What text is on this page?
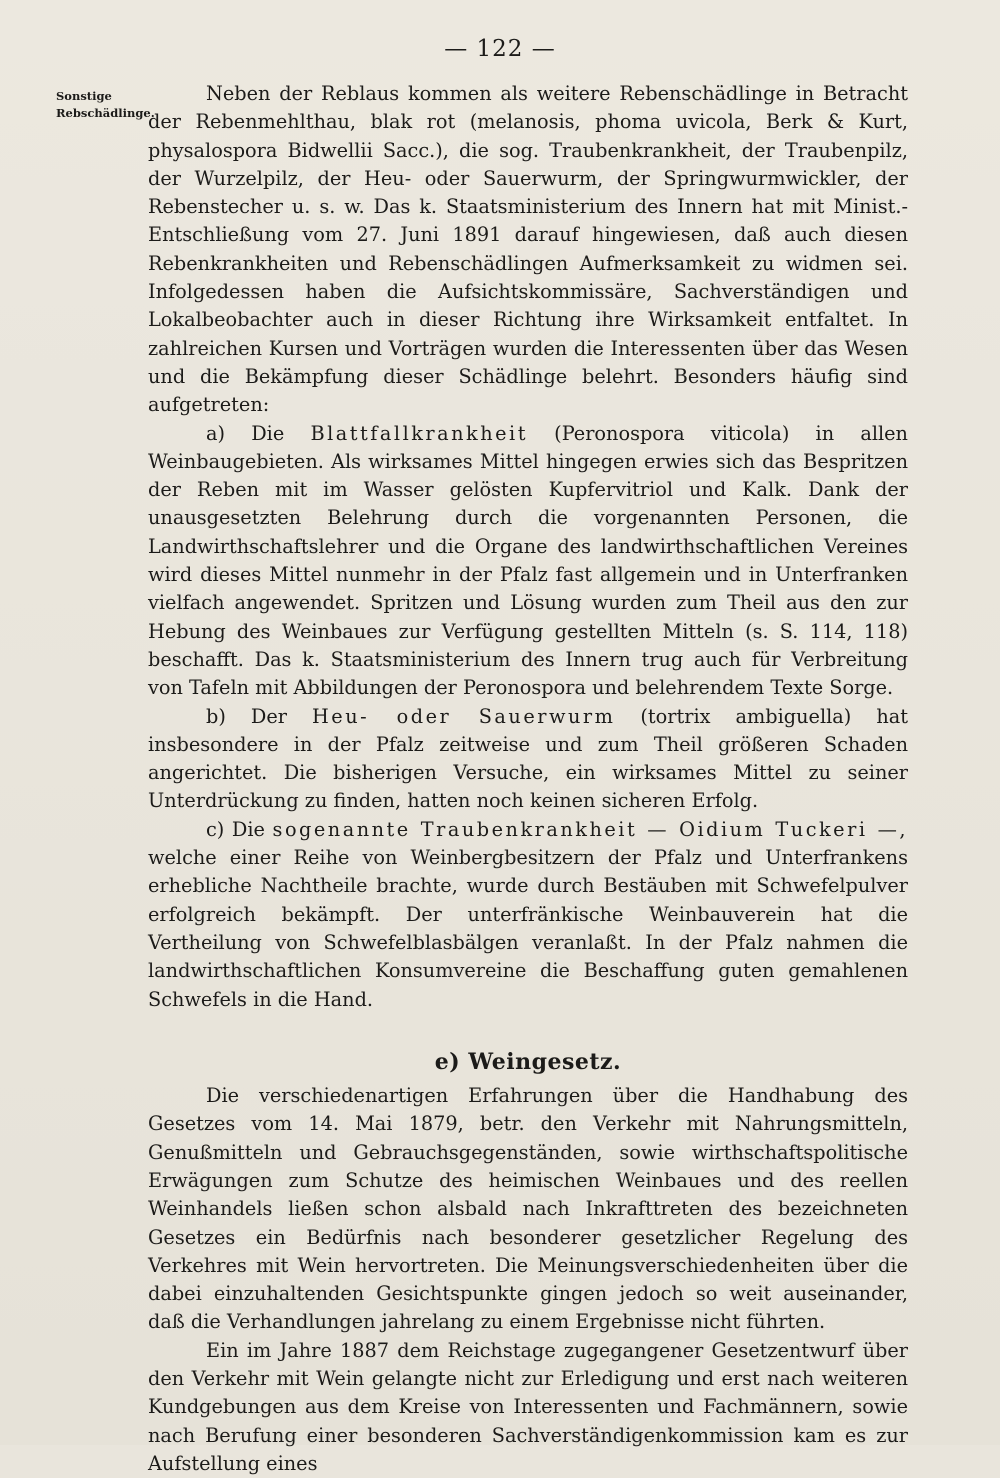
— 122 —
Sonstige
Rebschädlinge.

Neben der Reblaus kommen als weitere Rebenschädlinge in Betracht der Rebenmehlthau, blak rot (melanosis, phoma uvicola, Berk & Kurt, physalospora Bidwellii Sacc.), die sog. Traubenkrankheit, der Traubenpilz, der Wurzelpilz, der Heu- oder Sauerwurm, der Springwurmwickler, der Rebenstecher u. s. w. Das k. Staatsministerium des Innern hat mit Minist.-Entschließung vom 27. Juni 1891 darauf hingewiesen, daß auch diesen Rebenkrankheiten und Rebenschädlingen Aufmerksamkeit zu widmen sei. Infolgedessen haben die Aufsichtskommissäre, Sachverständigen und Lokalbeobachter auch in dieser Richtung ihre Wirksamkeit entfaltet. In zahlreichen Kursen und Vorträgen wurden die Interessenten über das Wesen und die Bekämpfung dieser Schädlinge belehrt. Besonders häufig sind aufgetreten:

a) Die Blattfallkrankheit (Peronospora viticola) in allen Weinbaugebieten. Als wirksames Mittel hingegen erwies sich das Bespritzen der Reben mit im Wasser gelösten Kupfervitriol und Kalk. Dank der unausgesetzten Belehrung durch die vorgenannten Personen, die Landwirthschaftslehrer und die Organe des landwirthschaftlichen Vereines wird dieses Mittel nunmehr in der Pfalz fast allgemein und in Unterfranken vielfach angewendet. Spritzen und Lösung wurden zum Theil aus den zur Hebung des Weinbaues zur Verfügung gestellten Mitteln (s. S. 114, 118) beschafft. Das k. Staatsministerium des Innern trug auch für Verbreitung von Tafeln mit Abbildungen der Peronospora und belehrendem Texte Sorge.

b) Der Heu- oder Sauerwurm (tortrix ambiguella) hat insbesondere in der Pfalz zeitweise und zum Theil größeren Schaden angerichtet. Die bisherigen Versuche, ein wirksames Mittel zu seiner Unterdrückung zu finden, hatten noch keinen sicheren Erfolg.

c) Die sogenannte Traubenkrankheit — Oidium Tuckeri —, welche einer Reihe von Weinbergbesitzern der Pfalz und Unterfrankens erhebliche Nachtheile brachte, wurde durch Bestäuben mit Schwefelpulver erfolgreich bekämpft. Der unterfränkische Weinbauverein hat die Vertheilung von Schwefelblasbälgen veranlaßt. In der Pfalz nahmen die landwirthschaftlichen Konsumvereine die Beschaffung guten gemahlenen Schwefels in die Hand.

e) Weingesetz.

Die verschiedenartigen Erfahrungen über die Handhabung des Gesetzes vom 14. Mai 1879, betr. den Verkehr mit Nahrungsmitteln, Genußmitteln und Gebrauchsgegenständen, sowie wirthschaftspolitische Erwägungen zum Schutze des heimischen Weinbaues und des reellen Weinhandels ließen schon alsbald nach Inkrafttreten des bezeichneten Gesetzes ein Bedürfnis nach besonderer gesetzlicher Regelung des Verkehres mit Wein hervortreten. Die Meinungsverschiedenheiten über die dabei einzuhaltenden Gesichtspunkte gingen jedoch so weit auseinander, daß die Verhandlungen jahrelang zu einem Ergebnisse nicht führten.

Ein im Jahre 1887 dem Reichstage zugegangener Gesetzentwurf über den Verkehr mit Wein gelangte nicht zur Erledigung und erst nach weiteren Kundgebungen aus dem Kreise von Interessenten und Fachmännern, sowie nach Berufung einer besonderen Sachverständigenkommission kam es zur Aufstellung eines
